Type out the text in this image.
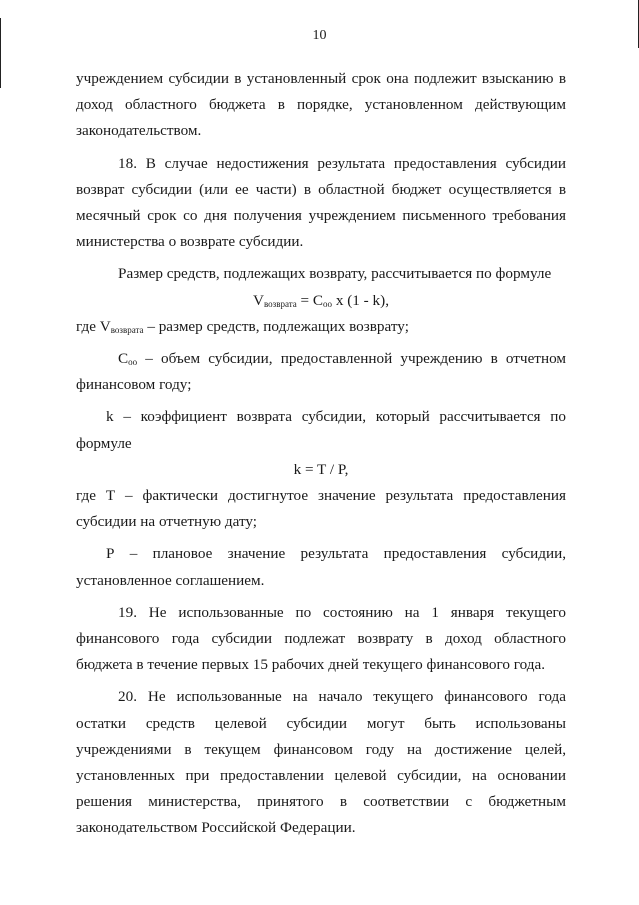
10

учреждением субсидии в установленный срок она подлежит взысканию в доход областного бюджета в порядке, установленном действующим законодательством.

18. В случае недостижения результата предоставления субсидии возврат субсидии (или ее части) в областной бюджет осуществляется в месячный срок со дня получения учреждением письменного требования министерства о возврате субсидии.

Размер средств, подлежащих возврату, рассчитывается по формуле

$V_{возврата} = C_{оо}$ x (1 - k),

где $V_{возврата}$ – размер средств, подлежащих возврату;

$C_{оо}$ – объем субсидии, предоставленной учреждению в отчетном финансовом году;

k – коэффициент возврата субсидии, который рассчитывается по формуле

k = T / P,

где Т – фактически достигнутое значение результата предоставления субсидии на отчетную дату;

Р – плановое значение результата предоставления субсидии, установленное соглашением.

19. Не использованные по состоянию на 1 января текущего финансового года субсидии подлежат возврату в доход областного бюджета в течение первых 15 рабочих дней текущего финансового года.

20. Не использованные на начало текущего финансового года остатки средств целевой субсидии могут быть использованы учреждениями в текущем финансовом году на достижение целей, установленных при предоставлении целевой субсидии, на основании решения министерства, принятого в соответствии с бюджетным законодательством Российской Федерации.
